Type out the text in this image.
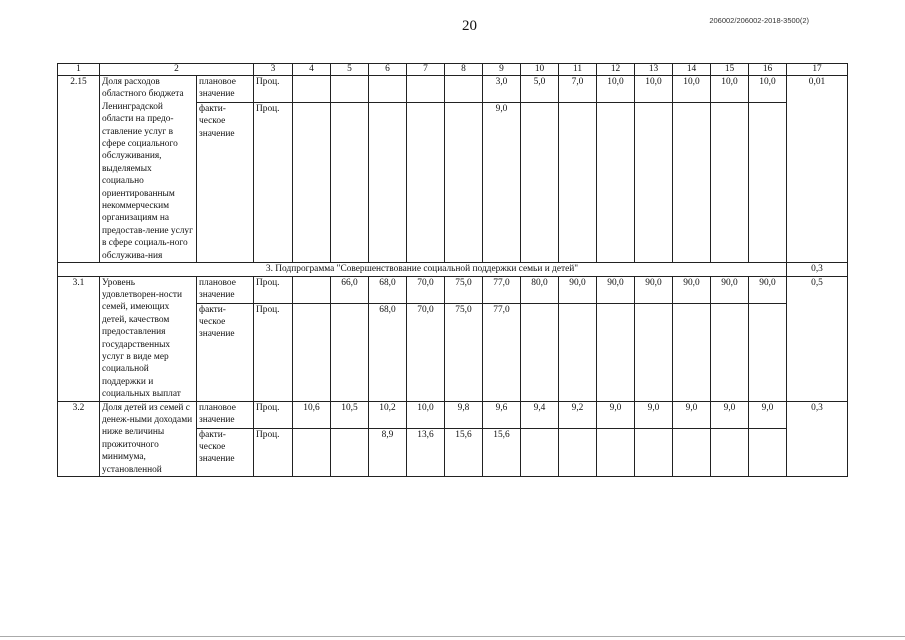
20	206002/206002-2018-3500(2)
1	2		3	4	5	6	7	8	9	10	11	12	13	14	15	16	17
2.15	Доля расходов областного бюджета Ленинградской области на предо-ставление услуг в сфере социального обслуживания, выделяемых социально ориентированным некоммерческим организациям на предостав-ление услуг в сфере социаль-ного обслужива-ния	плановое значение	Проц.						3,0	5,0	7,0	10,0	10,0	10,0	10,0	10,0	0,01
		факти-ческое значение	Проц.						9,0								
3. Подпрограмма "Совершенствование социальной поддержки семьи и детей"																	0,3
3.1	Уровень удовлетворен-ности семей, имеющих детей, качеством предоставления государственных услуг в виде мер социальной поддержки и социальных выплат	плановое значение	Проц.		66,0	68,0	70,0	75,0	77,0	80,0	90,0	90,0	90,0	90,0	90,0	90,0	0,5
		факти-ческое значение	Проц.			68,0	70,0	75,0	77,0								
3.2	Доля детей из семей с денеж-ными доходами ниже величины прожиточного минимума, установленной	плановое значение	Проц.	10,6	10,5	10,2	10,0	9,8	9,6	9,4	9,2	9,0	9,0	9,0	9,0	9,0	0,3
		факти-ческое значение	Проц.			8,9	13,6	15,6	15,6								
